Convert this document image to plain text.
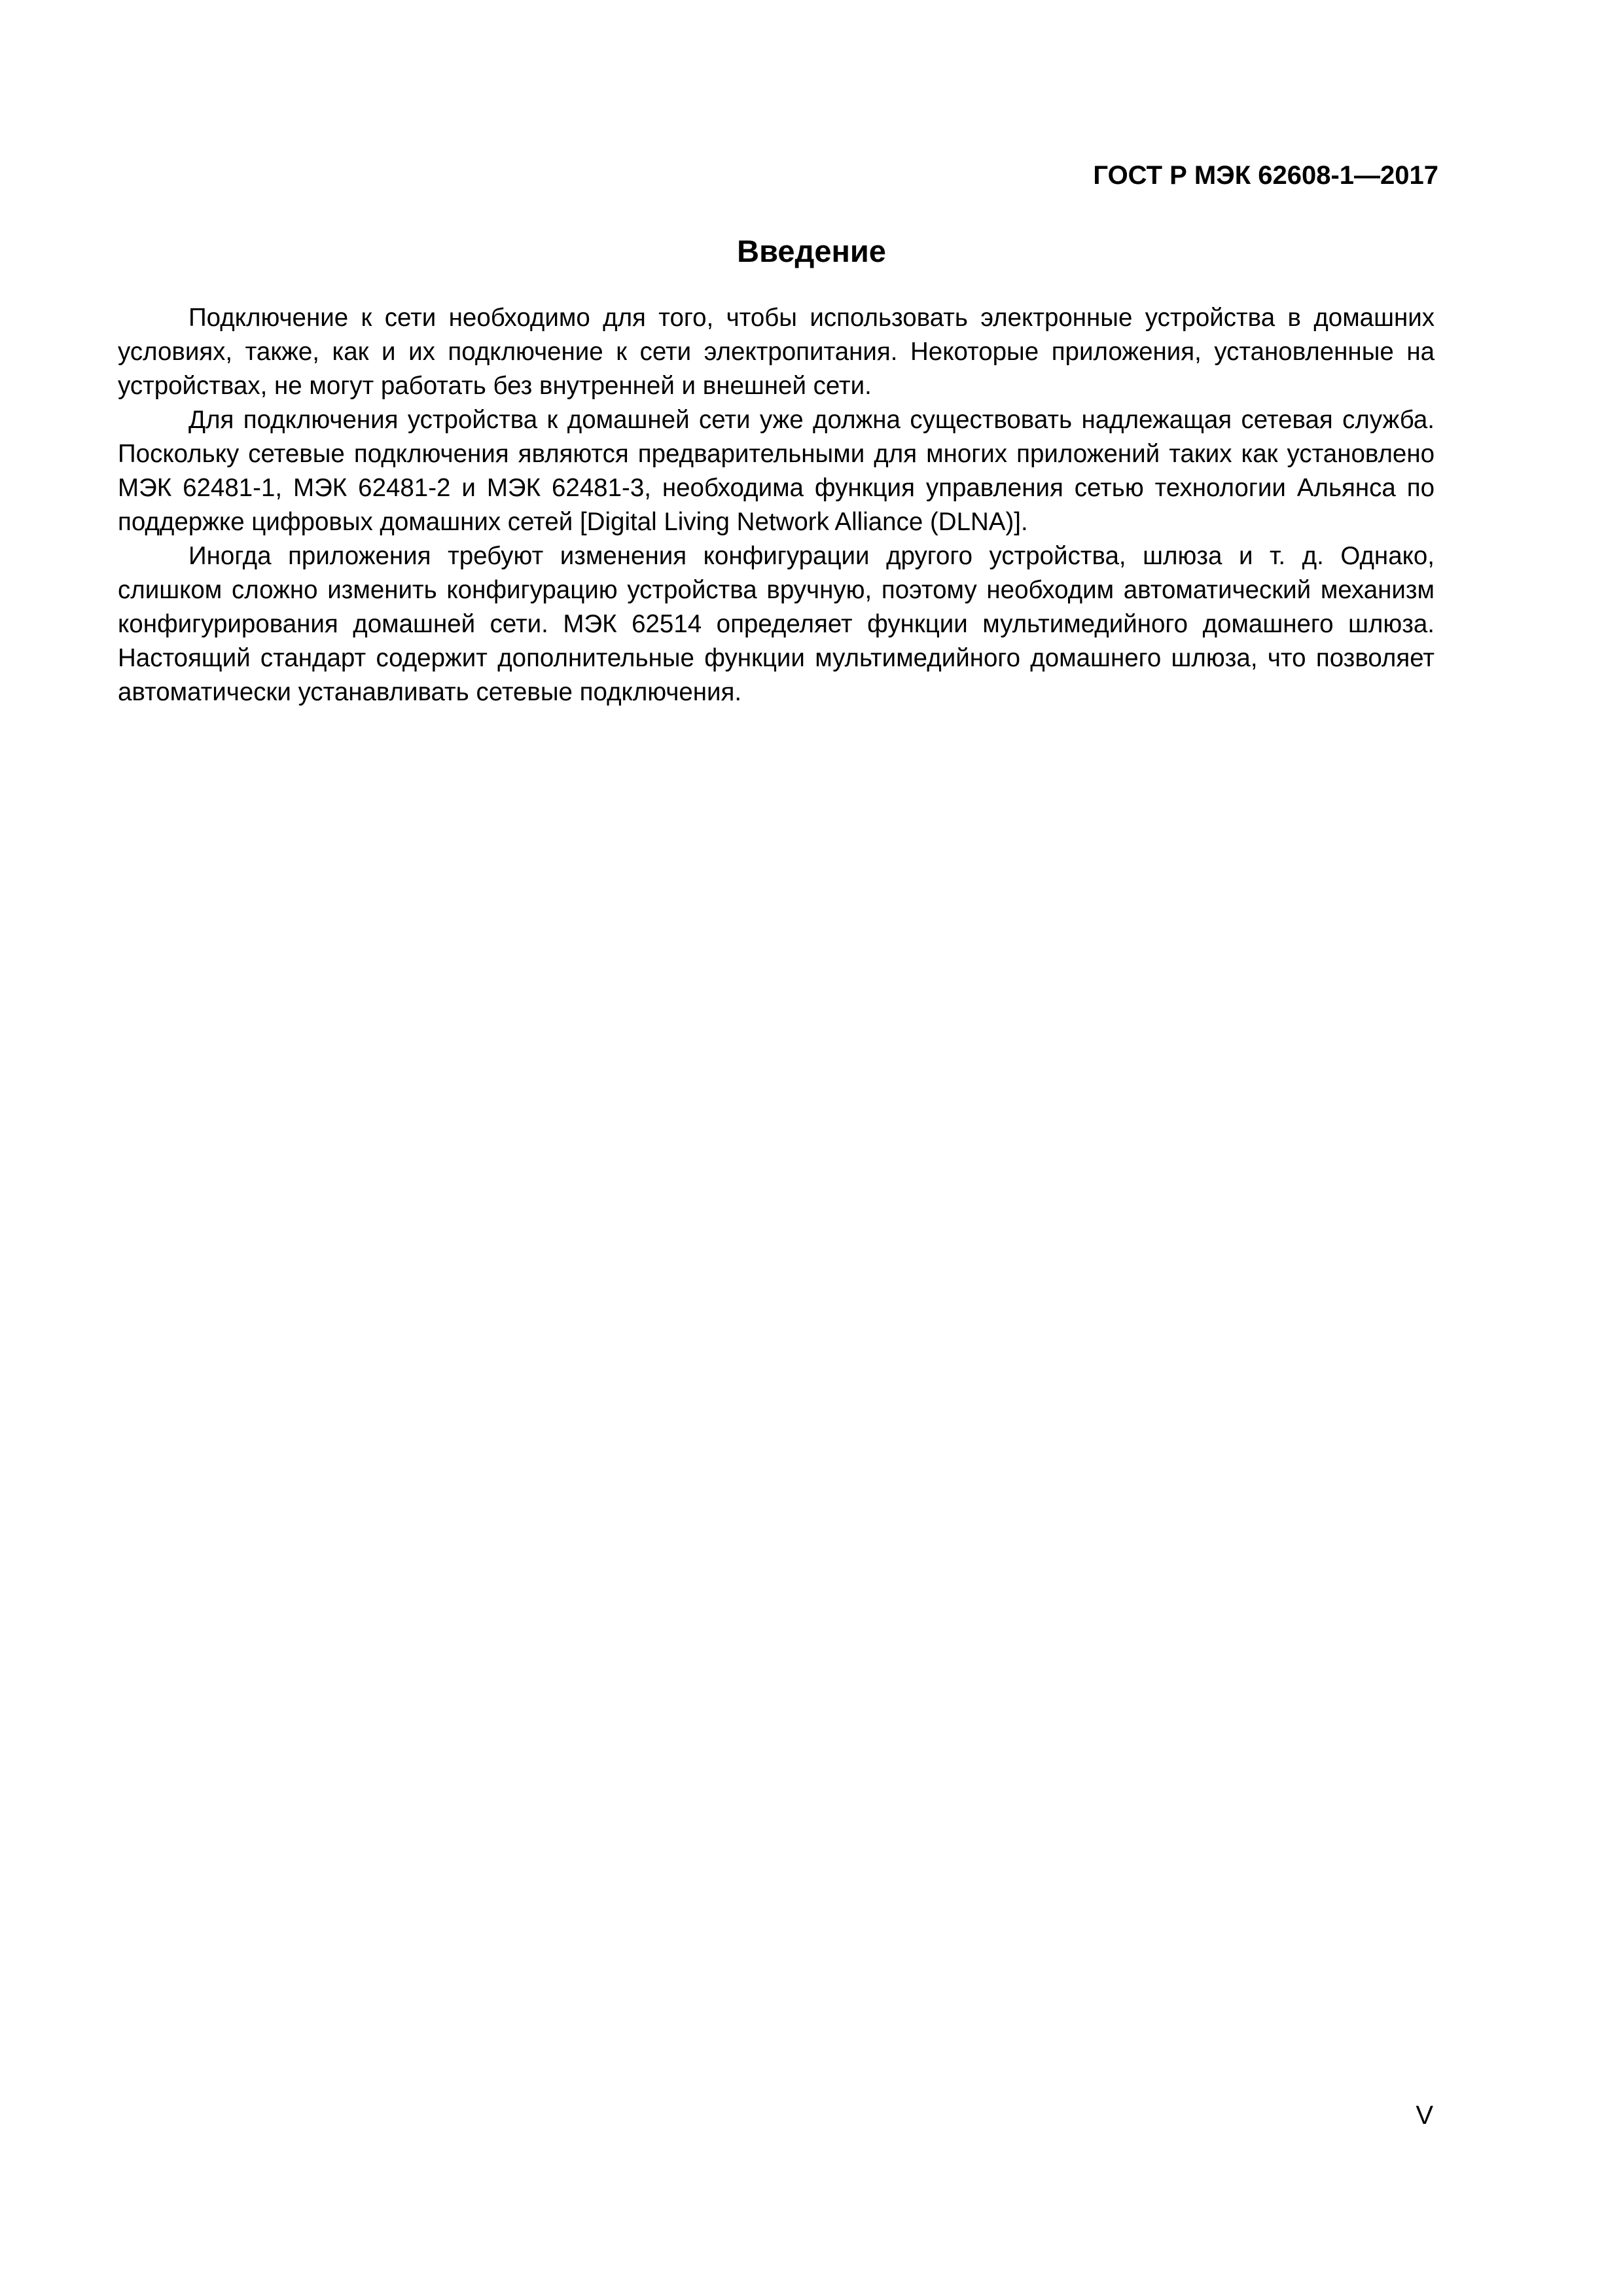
ГОСТ Р МЭК 62608-1—2017
Введение

Подключение к сети необходимо для того, чтобы использовать электронные устройства в домашних условиях, также, как и их подключение к сети электропитания. Некоторые приложения, установленные на устройствах, не могут работать без внутренней и внешней сети.

Для подключения устройства к домашней сети уже должна существовать надлежащая сетевая служба. Поскольку сетевые подключения являются предварительными для многих приложений таких как установлено МЭК 62481-1, МЭК 62481-2 и МЭК 62481-3, необходима функция управления сетью технологии Альянса по поддержке цифровых домашних сетей [Digital Living Network Alliance (DLNA)].

Иногда приложения требуют изменения конфигурации другого устройства, шлюза и т. д. Однако, слишком сложно изменить конфигурацию устройства вручную, поэтому необходим автоматический механизм конфигурирования домашней сети. МЭК 62514 определяет функции мультимедийного домашнего шлюза. Настоящий стандарт содержит дополнительные функции мультимедийного домашнего шлюза, что позволяет автоматически устанавливать сетевые подключения.

V
